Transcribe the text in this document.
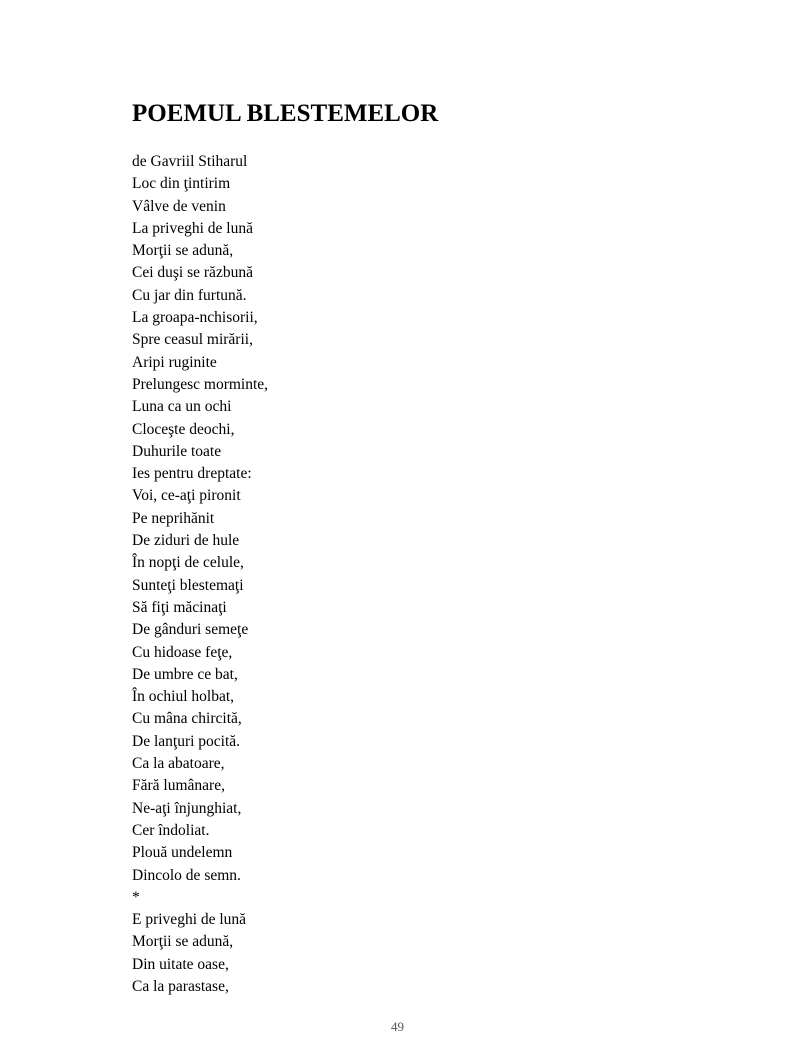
POEMUL BLESTEMELOR
de Gavriil Stiharul
Loc din ţintirim
Vâlve de venin
La priveghi de lună
Morţii se adună,
Cei duşi se răzbună
Cu jar din furtună.
La groapa-nchisorii,
Spre ceasul mirării,
Aripi ruginite
Prelungesc morminte,
Luna ca un ochi
Cloceşte deochi,
Duhurile toate
Ies pentru dreptate:
Voi, ce-aţi pironit
Pe neprihănit
De ziduri de hule
În nopţi de celule,
Sunteţi blestemaţi
Să fiţi măcinaţi
De gânduri semeţe
Cu hidoase feţe,
De umbre ce bat,
În ochiul holbat,
Cu mâna chircită,
De lanţuri pocită.
Ca la abatoare,
Fără lumânare,
Ne-aţi înjunghiat,
Cer îndoliat.
Plouă undelemn
Dincolo de semn.
*
E priveghi de lună
Morţii se adună,
Din uitate oase,
Ca la parastase,
49
